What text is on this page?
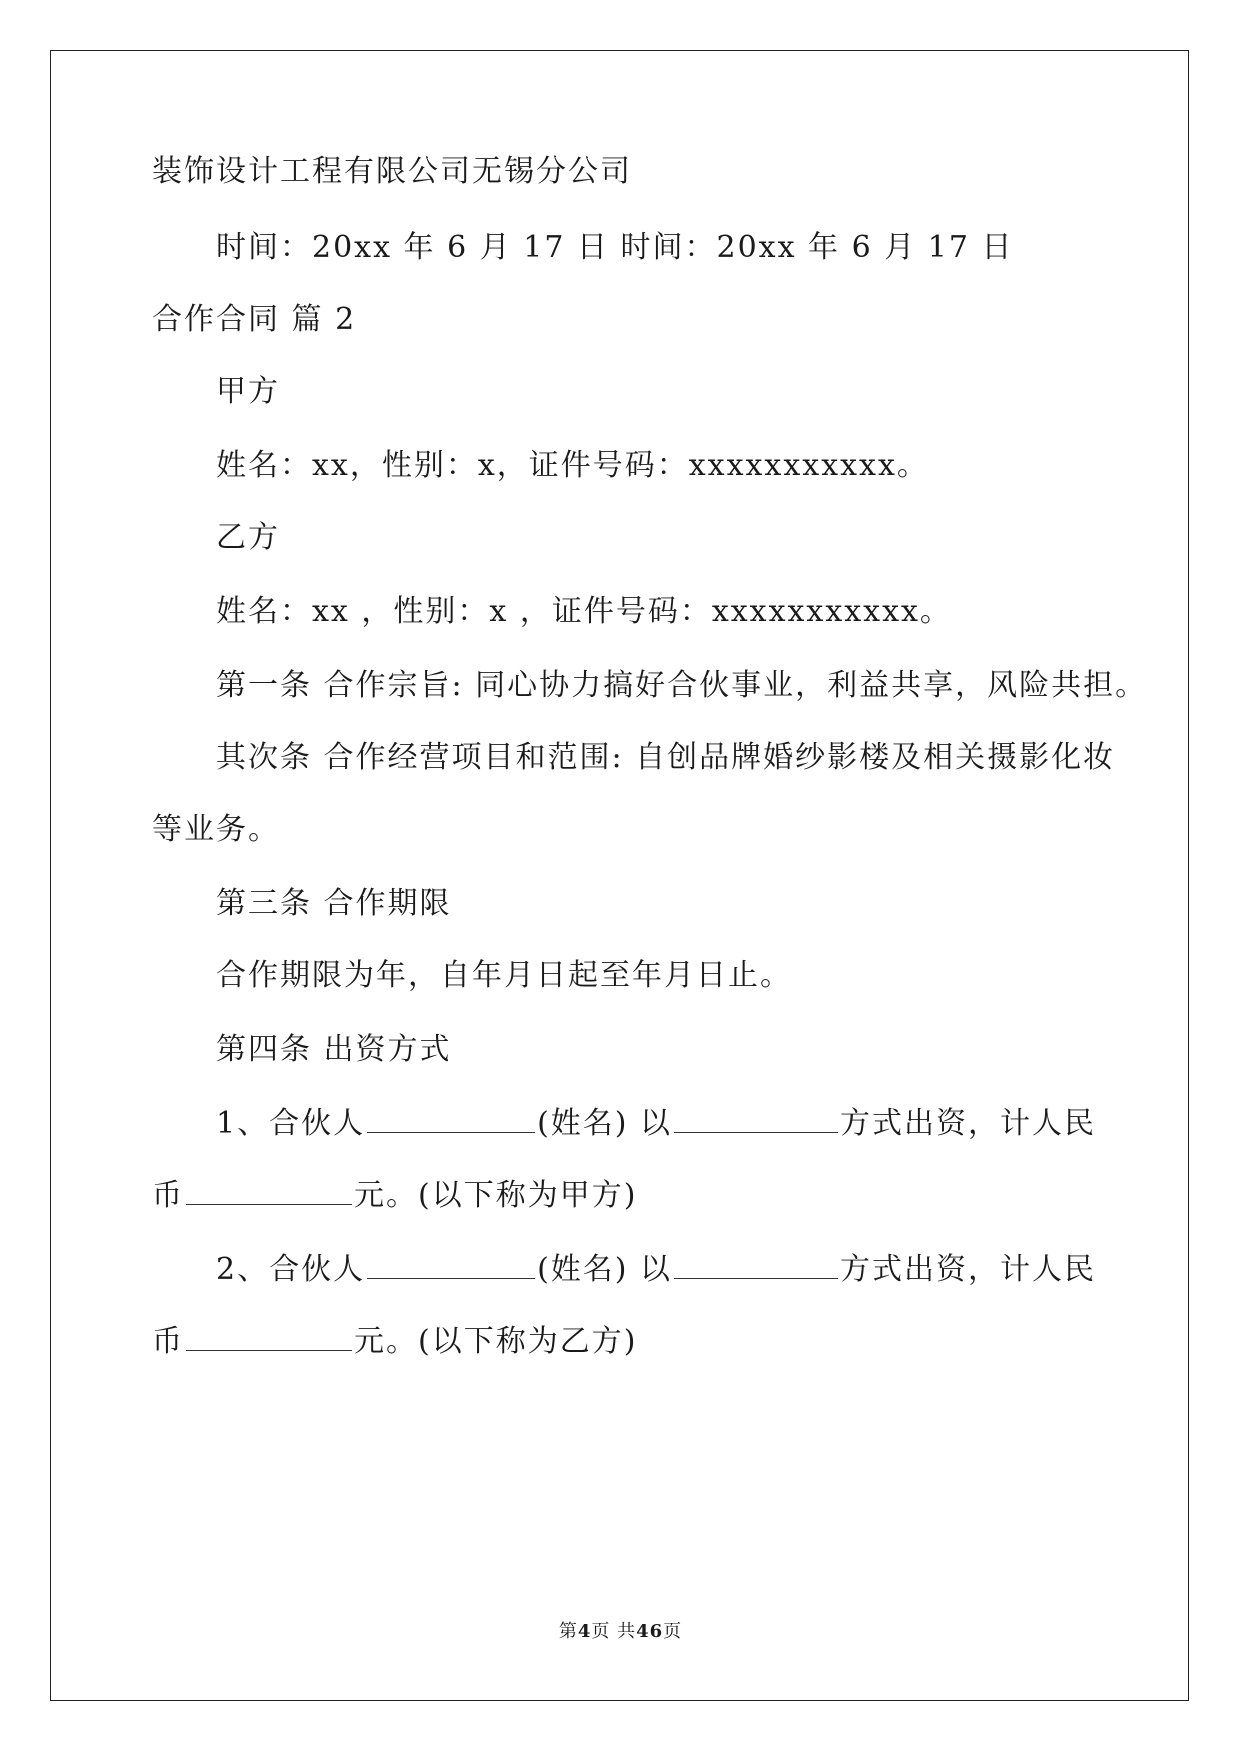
装饰设计工程有限公司无锡分公司
时间：20xx 年 6 月 17 日 时间：20xx 年 6 月 17 日
合作合同 篇 2
甲方
姓名：xx，性别：x，证件号码：xxxxxxxxxxx。
乙方
姓名：xx ，性别：x ，证件号码：xxxxxxxxxxx。
第一条 合作宗旨: 同心协力搞好合伙事业，利益共享，风险共担。
其次条 合作经营项目和范围: 自创品牌婚纱影楼及相关摄影化妆
等业务。
第三条 合作期限
合作期限为年，自年月日起至年月日止。
第四条 出资方式
1、合伙人	(姓名) 以	方式出资，计人民
币	元。(以下称为甲方)
2、合伙人	(姓名) 以	方式出资，计人民
币	元。(以下称为乙方)
第4页 共46页
